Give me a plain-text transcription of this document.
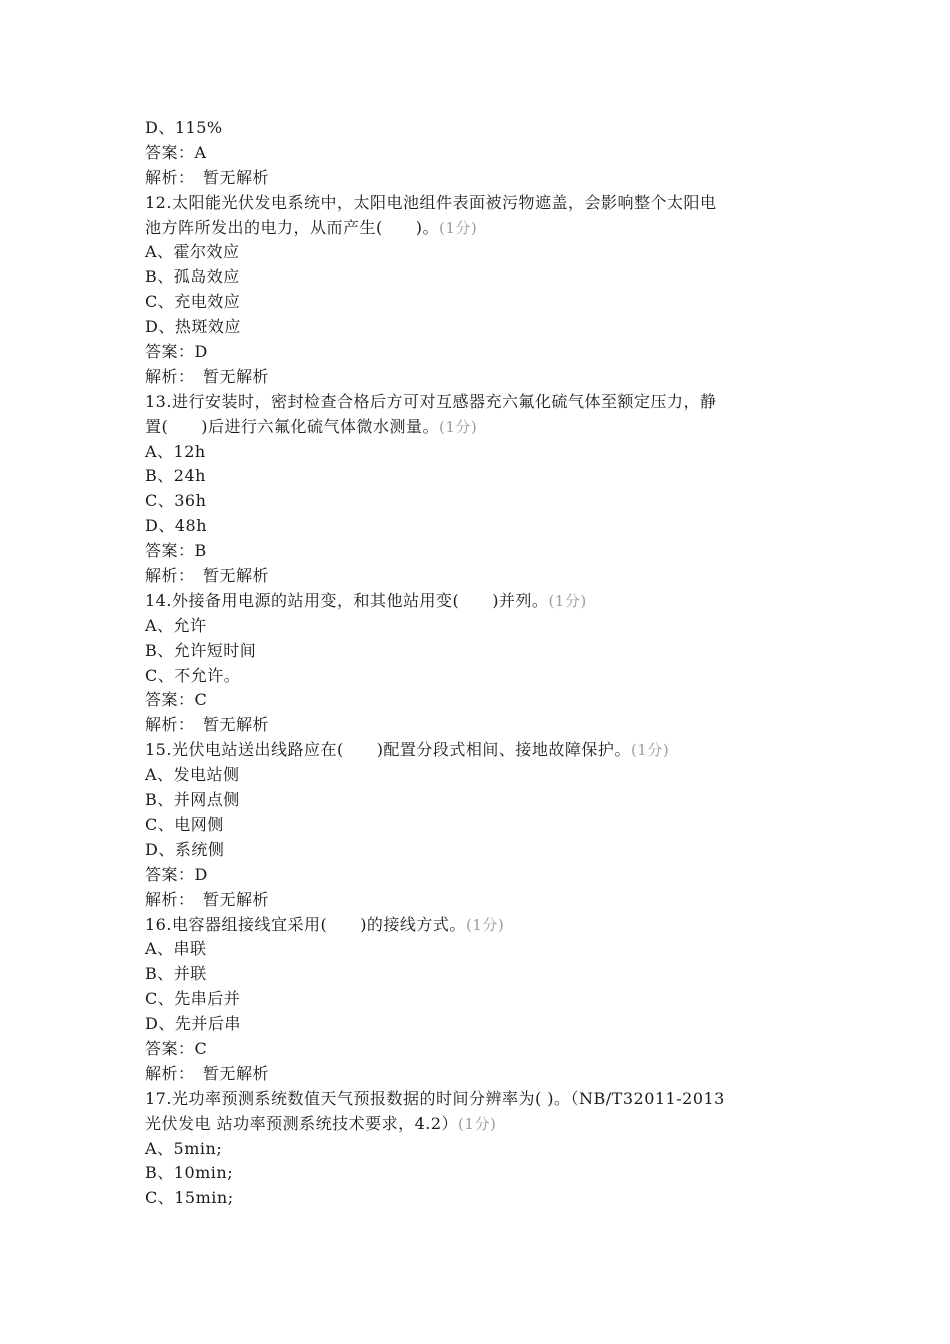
D、115%
答案：A
解析：　暂无解析
12.太阳能光伏发电系统中，太阳电池组件表面被污物遮盖，会影响整个太阳电
池方阵所发出的电力，从而产生(　　)。(1分)
A、霍尔效应
B、孤岛效应
C、充电效应
D、热斑效应
答案：D
解析：　暂无解析
13.进行安装时，密封检查合格后方可对互感器充六氟化硫气体至额定压力，静
置(　　)后进行六氟化硫气体微水测量。(1分)
A、12h
B、24h
C、36h
D、48h
答案：B
解析：　暂无解析
14.外接备用电源的站用变，和其他站用变(　　)并列。(1分)
A、允许
B、允许短时间
C、不允许。
答案：C
解析：　暂无解析
15.光伏电站送出线路应在(　　)配置分段式相间、接地故障保护。(1分)
A、发电站侧
B、并网点侧
C、电网侧
D、系统侧
答案：D
解析：　暂无解析
16.电容器组接线宜采用(　　)的接线方式。(1分)
A、串联
B、并联
C、先串后并
D、先并后串
答案：C
解析：　暂无解析
17.光功率预测系统数值天气预报数据的时间分辨率为( )。（NB/T32011-2013
光伏发电 站功率预测系统技术要求，4.2）(1分)
A、5min;
B、10min;
C、15min;
